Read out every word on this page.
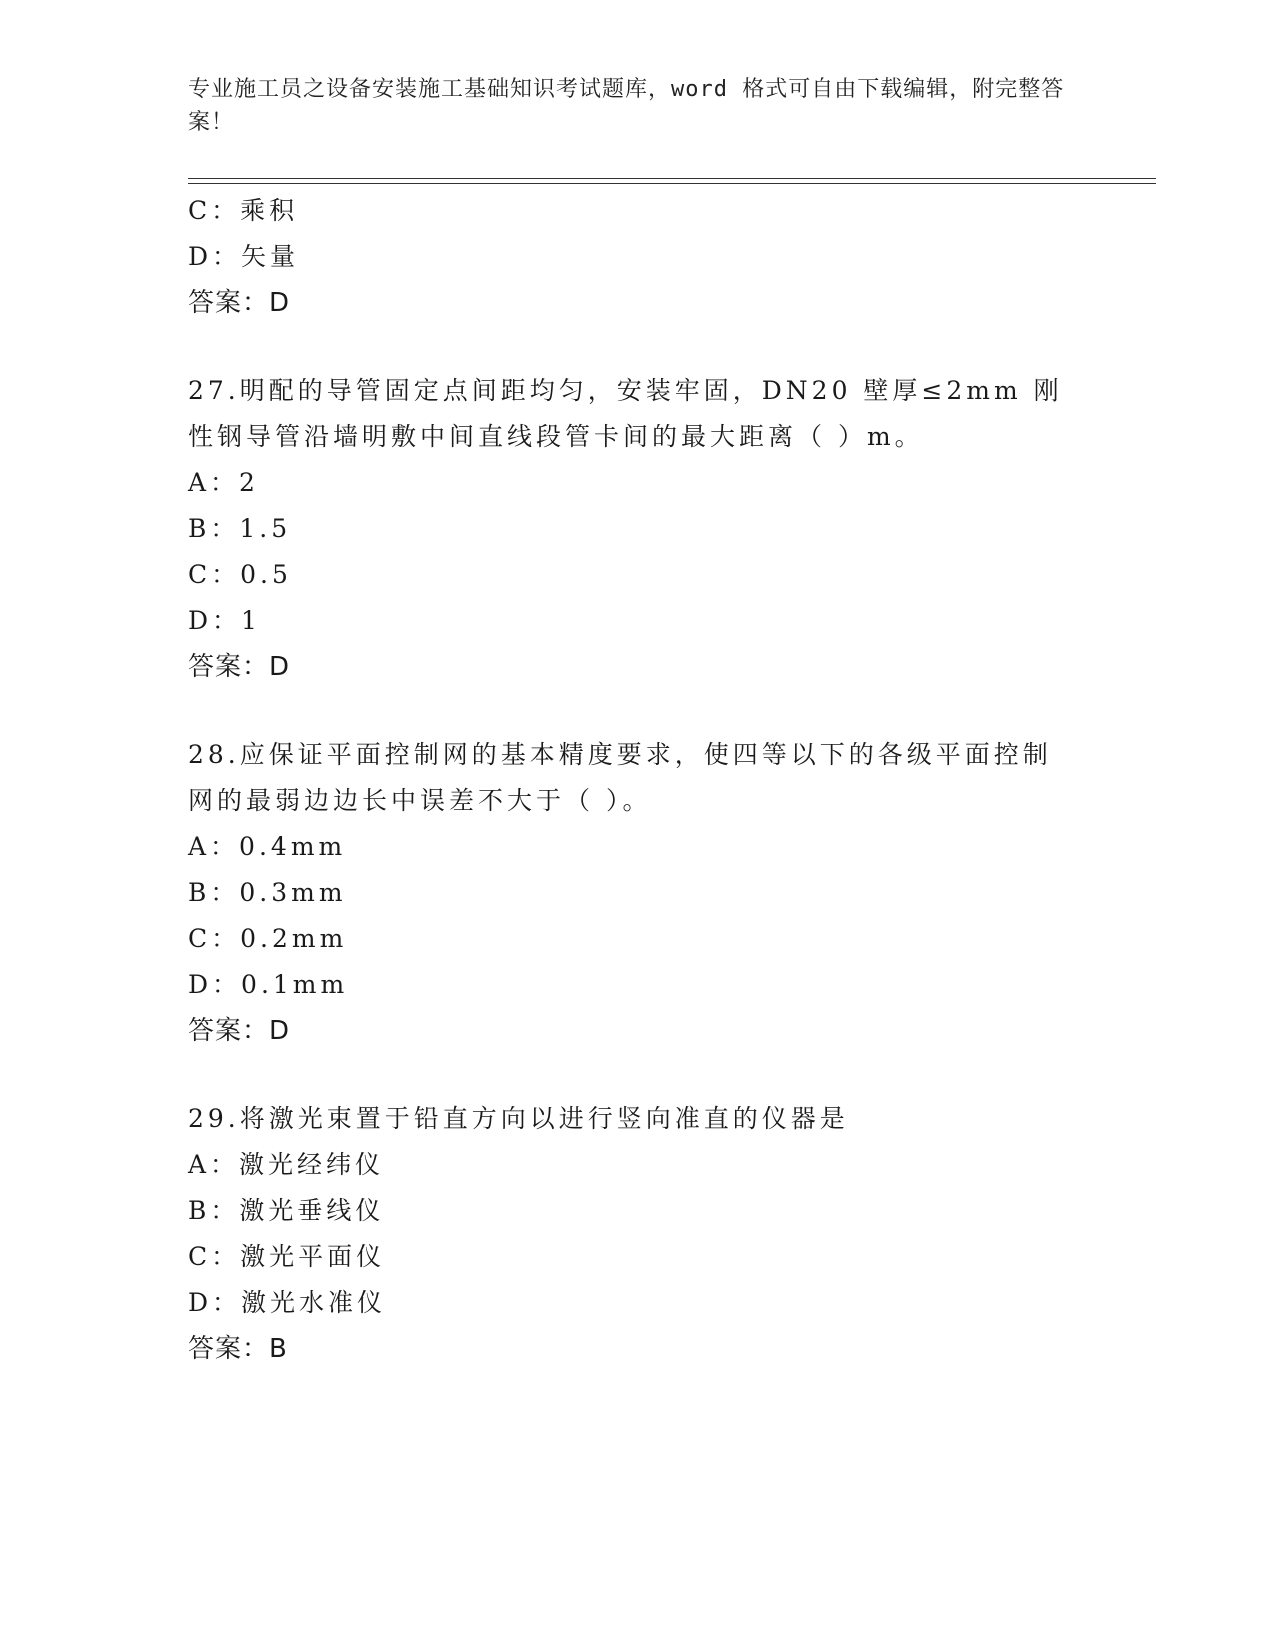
专业施工员之设备安装施工基础知识考试题库，word 格式可自由下载编辑，附完整答案！
C：乘积
D：矢量
答案：D
27.明配的导管固定点间距均匀，安装牢固，DN20 壁厚≤2mm 刚性钢导管沿墙明敷中间直线段管卡间的最大距离（ ）m。
A：2
B：1.5
C：0.5
D：1
答案：D
28.应保证平面控制网的基本精度要求，使四等以下的各级平面控制网的最弱边边长中误差不大于（ ）。
A：0.4mm
B：0.3mm
C：0.2mm
D：0.1mm
答案：D
29.将激光束置于铅直方向以进行竖向准直的仪器是
A：激光经纬仪
B：激光垂线仪
C：激光平面仪
D：激光水准仪
答案：B
